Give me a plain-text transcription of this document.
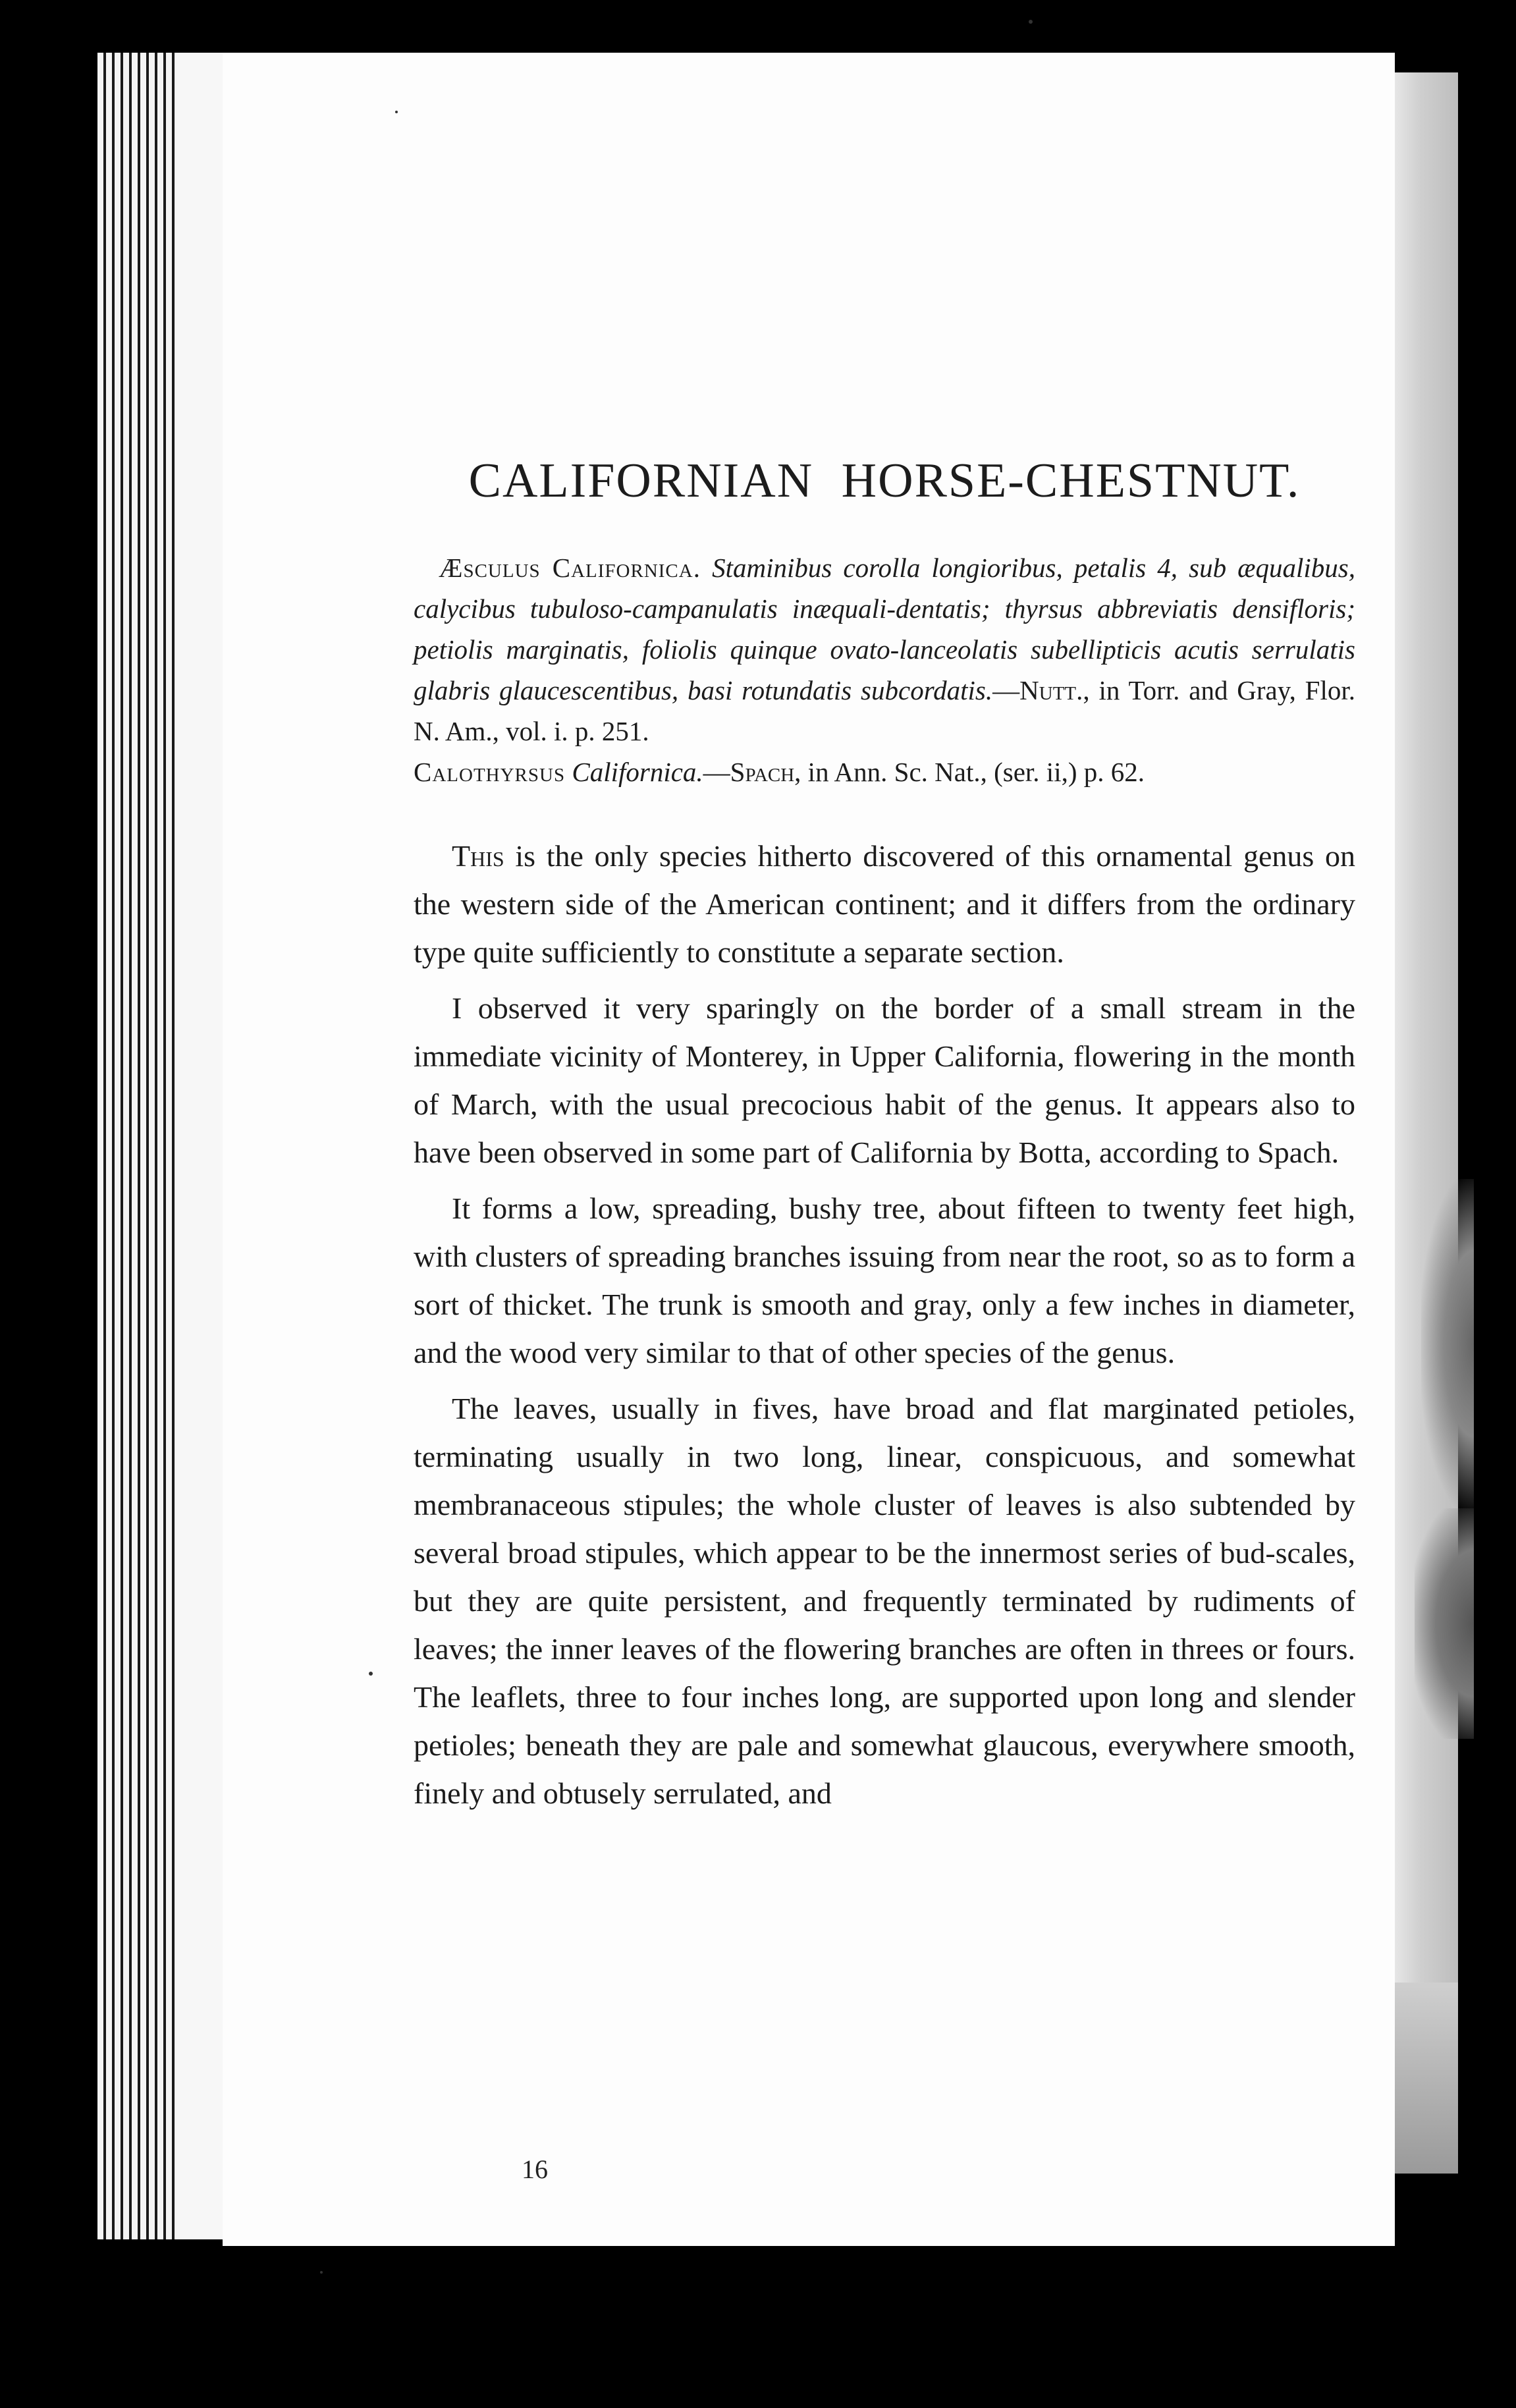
CALIFORNIAN HORSE-CHESTNUT.

Æsculus Californica. Staminibus corolla longioribus, petalis 4, sub æqualibus, calycibus tubuloso-campanulatis inæquali-dentatis; thyrsus abbreviatis densifloris; petiolis marginatis, foliolis quinque ovato-lanceolatis subellipticis acutis serrulatis glabris glaucescentibus, basi rotundatis subcordatis.—Nutt., in Torr. and Gray, Flor. N. Am., vol. i. p. 251.

Calothyrsus Californica.—Spach, in Ann. Sc. Nat., (ser. ii,) p. 62.

This is the only species hitherto discovered of this ornamental genus on the western side of the American continent; and it differs from the ordinary type quite sufficiently to constitute a separate section.

I observed it very sparingly on the border of a small stream in the immediate vicinity of Monterey, in Upper California, flowering in the month of March, with the usual precocious habit of the genus. It appears also to have been observed in some part of California by Botta, according to Spach.

It forms a low, spreading, bushy tree, about fifteen to twenty feet high, with clusters of spreading branches issuing from near the root, so as to form a sort of thicket. The trunk is smooth and gray, only a few inches in diameter, and the wood very similar to that of other species of the genus.

The leaves, usually in fives, have broad and flat marginated petioles, terminating usually in two long, linear, conspicuous, and somewhat membranaceous stipules; the whole cluster of leaves is also subtended by several broad stipules, which appear to be the innermost series of bud-scales, but they are quite persistent, and frequently terminated by rudiments of leaves; the inner leaves of the flowering branches are often in threes or fours. The leaflets, three to four inches long, are supported upon long and slender petioles; beneath they are pale and somewhat glaucous, everywhere smooth, finely and obtusely serrulated, and

16
